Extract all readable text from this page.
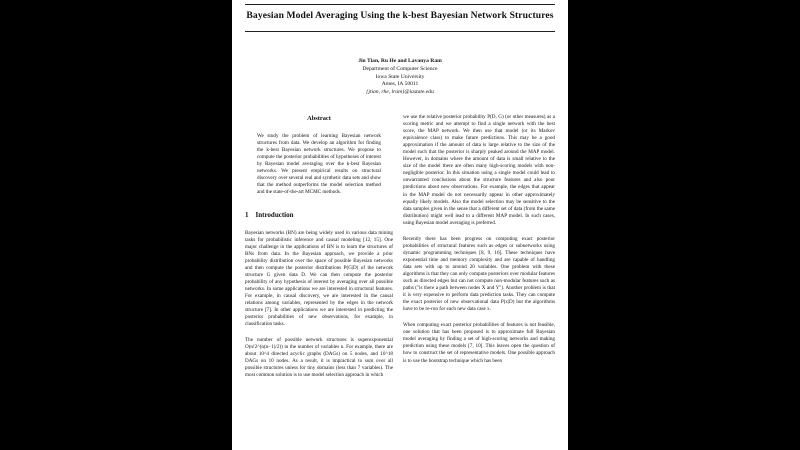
Bayesian Model Averaging Using the k-best Bayesian Network Structures
Jin Tian, Ru He and Lavanya Ram
Department of Computer Science
Iowa State University
Ames, IA 50011
{jtian, rhe, lram}@iastate.edu
Abstract
We study the problem of learning Bayesian network structures from data. We develop an algorithm for finding the k-best Bayesian network structures. We propose to compute the posterior probabilities of hypotheses of interest by Bayesian model averaging over the k-best Bayesian networks. We present empirical results on structural discovery over several real and synthetic data sets and show that the method outperforms the model selection method and the state-of-the-art MCMC methods.
1 Introduction

Bayesian networks (BN) are being widely used in various data mining tasks for probabilistic inference and causal modeling [12, 15]. One major challenge in the applications of BN is to learn the structures of BNs from data. In the Bayesian approach, we provide a prior probability distribution over the space of possible Bayesian networks and then compute the posterior distributions P(G|D) of the network structure G given data D. We can then compute the posterior probability of any hypothesis of interest by averaging over all possible networks. In some applications we are interested in structural features. For example, in causal discovery, we are interested in the causal relations among variables, represented by the edges in the network structure [7]. In other applications we are interested in predicting the posterior probabilities of new observations, for example, in classification tasks.

The number of possible network structures is superexponential O(n!2^(n(n−1)/2)) in the number of variables n. For example, there are about 10^4 directed acyclic graphs (DAGs) on 5 nodes, and 10^18 DAGs on 10 nodes. As a result, it is impractical to sum over all possible structures unless for tiny domains (less than 7 variables). The most common solution is to use model selection approach in which

we use the relative posterior probability P(D, G) (or other measures) as a scoring metric and we attempt to find a single network with the best score, the MAP network. We then use that model (or its Markov equivalence class) to make future predictions. This may be a good approximation if the amount of data is large relative to the size of the model such that the posterior is sharply peaked around the MAP model. However, in domains where the amount of data is small relative to the size of the model there are often many high-scoring models with non-negligible posterior. In this situation using a single model could lead to unwarranted conclusions about the structure features and also poor predictions about new observations. For example, the edges that appear in the MAP model do not necessarily appear in other approximately equally likely models. Also the model selection may be sensitive to the data samples given in the sense that a different set of data (from the same distribution) might well lead to a different MAP model. In such cases, using Bayesian model averaging is preferred.

Recently there has been progress on computing exact posterior probabilities of structural features such as edges or subnetworks using dynamic programming techniques [8, 9, 16]. These techniques have exponential time and memory complexity and are capable of handling data sets with up to around 20 variables. One problem with these algorithms is that they can only compute posteriors over modular features such as directed edges but can not compute non-modular features such as paths ("is there a path between nodes X and Y"). Another problem is that it is very expensive to perform data prediction tasks. They can compute the exact posterior of new observational data P(x|D) but the algorithms have to be re-run for each new data case x.

When computing exact posterior probabilities of features is not feasible, one solution that has been proposed is to approximate full Bayesian model averaging by finding a set of high-scoring networks and making prediction using these models [7, 10]. This leaves open the question of how to construct the set of representative models. One possible approach is to use the bootstrap technique which has been
